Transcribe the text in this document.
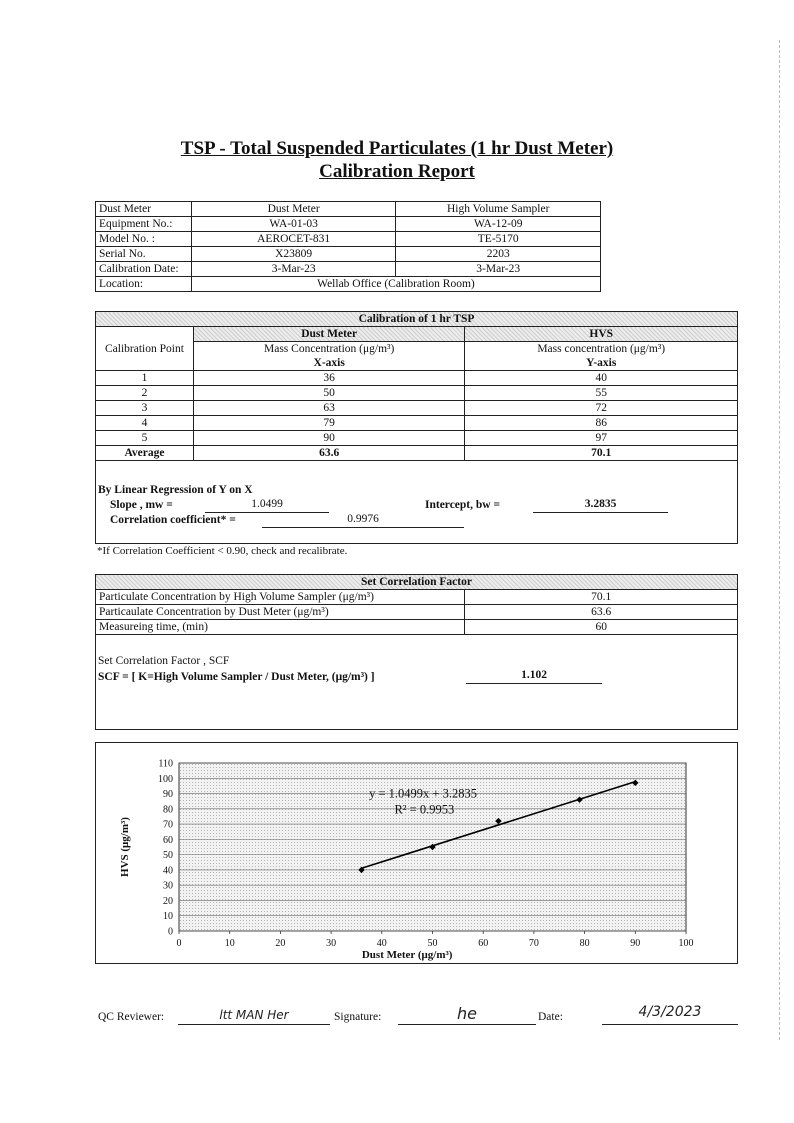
TSP - Total Suspended Particulates (1 hr Dust Meter)
Calibration Report
Dust Meter	Dust Meter	High Volume Sampler
Equipment No.:	WA-01-03	WA-12-09
Model No. :	AEROCET-831	TE-5170
Serial No.	X23809	2203
Calibration Date:	3-Mar-23	3-Mar-23
Location:	Wellab Office (Calibration Room)	
Calibration of 1 hr TSP		
Calibration Point	Dust Meter	HVS
	Mass Concentration (μg/m³)	Mass concentration (μg/m³)
	X-axis	Y-axis
1	36	40
2	50	55
3	63	72
4	79	86
5	90	97
Average	63.6	70.1
By Linear Regression of Y on X
Slope , mw =	1.0499	Intercept, bw =	3.2835
Correlation coefficient* =	0.9976
*If Correlation Coefficient < 0.90, check and recalibrate.
Set Correlation Factor	
Particulate Concentration by High Volume Sampler (μg/m³)	70.1
Particaulate Concentration by Dust Meter (μg/m³)	63.6
Measureing time, (min)	60
Set Correlation Factor , SCF
SCF = [ K=High Volume Sampler / Dust Meter, (μg/m³) ]	1.102
0
10
20
30
40
50
60
70
80
90
100
110
0	10	20	30	40	50	60	70	80	90	100
y = 1.0499x + 3.2835
R² = 0.9953
Dust Meter (μg/m³)
HVS (μg/m³)
QC Reviewer:	ltt MAN Her	Signature:	he	Date:	4/3/2023
